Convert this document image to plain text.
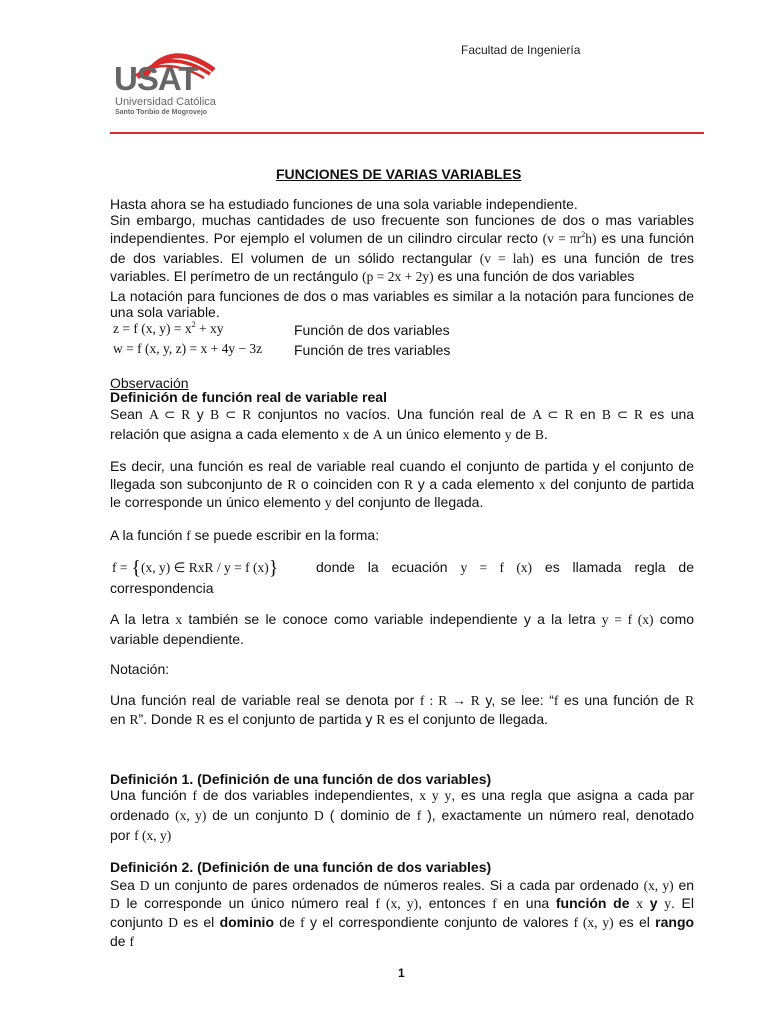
USAT
Universidad Católica
Santo Toribio de Mogrovejo
Facultad de Ingeniería
FUNCIONES DE VARIAS VARIABLES
Hasta ahora se ha estudiado funciones de una sola variable independiente.
Sin embargo, muchas cantidades de uso frecuente son funciones de dos o mas variables
independientes. Por ejemplo el volumen de un cilindro circular recto $(v = \pi r^2h)$ es una función
de dos variables. El volumen de un sólido rectangular (v = lah) es una función de tres
variables. El perímetro de un rectángulo (p = 2x + 2y) es una función de dos variables
La notación para funciones de dos o mas variables es similar a la notación para funciones de
una sola variable.
z = f (x, $y) = x^2$ + xy	Función de dos variables
w = f (x, y, z) = x + 4y − 3z	Función de tres variables
Observación
Definición de función real de variable real
Sean A ⊂ R y B ⊂ R conjuntos no vacíos. Una función real de A ⊂ R en B ⊂ R es una
relación que asigna a cada elemento x de A un único elemento y de B.
Es decir, una función es real de variable real cuando el conjunto de partida y el conjunto de
llegada son subconjunto de R o coinciden con R y a cada elemento x del conjunto de partida
le corresponde un único elemento y del conjunto de llegada.
A la función f se puede escribir en la forma:
f = {(x, y) ∈ RxR / y = f (x)}	donde la ecuación y = f (x) es llamada regla de
correspondencia
A la letra x también se le conoce como variable independiente y a la letra y = f (x) como
variable dependiente.
Notación:
Una función real de variable real se denota por f : R → R y, se lee: “f es una función de R
en R”. Donde R es el conjunto de partida y R es el conjunto de llegada.
Definición 1. (Definición de una función de dos variables)
Una función f de dos variables independientes, x y y, es una regla que asigna a cada par
ordenado (x, y) de un conjunto D ( dominio de f ), exactamente un número real, denotado
por f (x, y)
Definición 2. (Definición de una función de dos variables)
Sea D un conjunto de pares ordenados de números reales. Si a cada par ordenado (x, y) en
D le corresponde un único número real f (x, y), entonces f en una función de x y y. El
conjunto D es el dominio de f y el correspondiente conjunto de valores f (x, y) es el rango
de f
1
